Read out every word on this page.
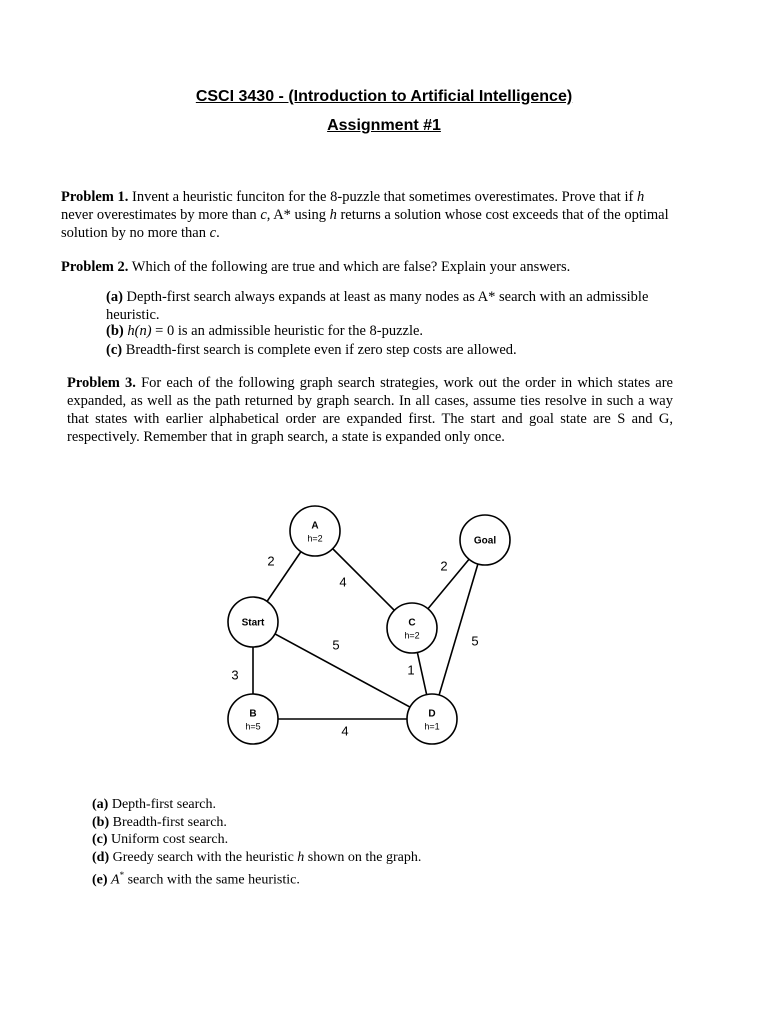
CSCI 3430 - (Introduction to Artificial Intelligence)
Assignment #1
Problem 1. Invent a heuristic funciton for the 8-puzzle that sometimes overestimates. Prove that if h never overestimates by more than c, A* using h returns a solution whose cost exceeds that of the optimal solution by no more than c.
Problem 2. Which of the following are true and which are false? Explain your answers.
(a) Depth-first search always expands at least as many nodes as A* search with an admissible heuristic.
(b) h(n) = 0 is an admissible heuristic for the 8-puzzle.
(c) Breadth-first search is complete even if zero step costs are allowed.
Problem 3. For each of the following graph search strategies, work out the order in which states are expanded, as well as the path returned by graph search. In all cases, assume ties resolve in such a way that states with earlier alphabetical order are expanded first. The start and goal state are S and G, respectively. Remember that in graph search, a state is expanded only once.
2
4
2
5	5
3	1
4
A
h=2	Goal
Start	C
h=2
B
h=5
D
h=1
(a) Depth-first search.
(b) Breadth-first search.
(c) Uniform cost search.
(d) Greedy search with the heuristic h shown on the graph.
(e) A* search with the same heuristic.
